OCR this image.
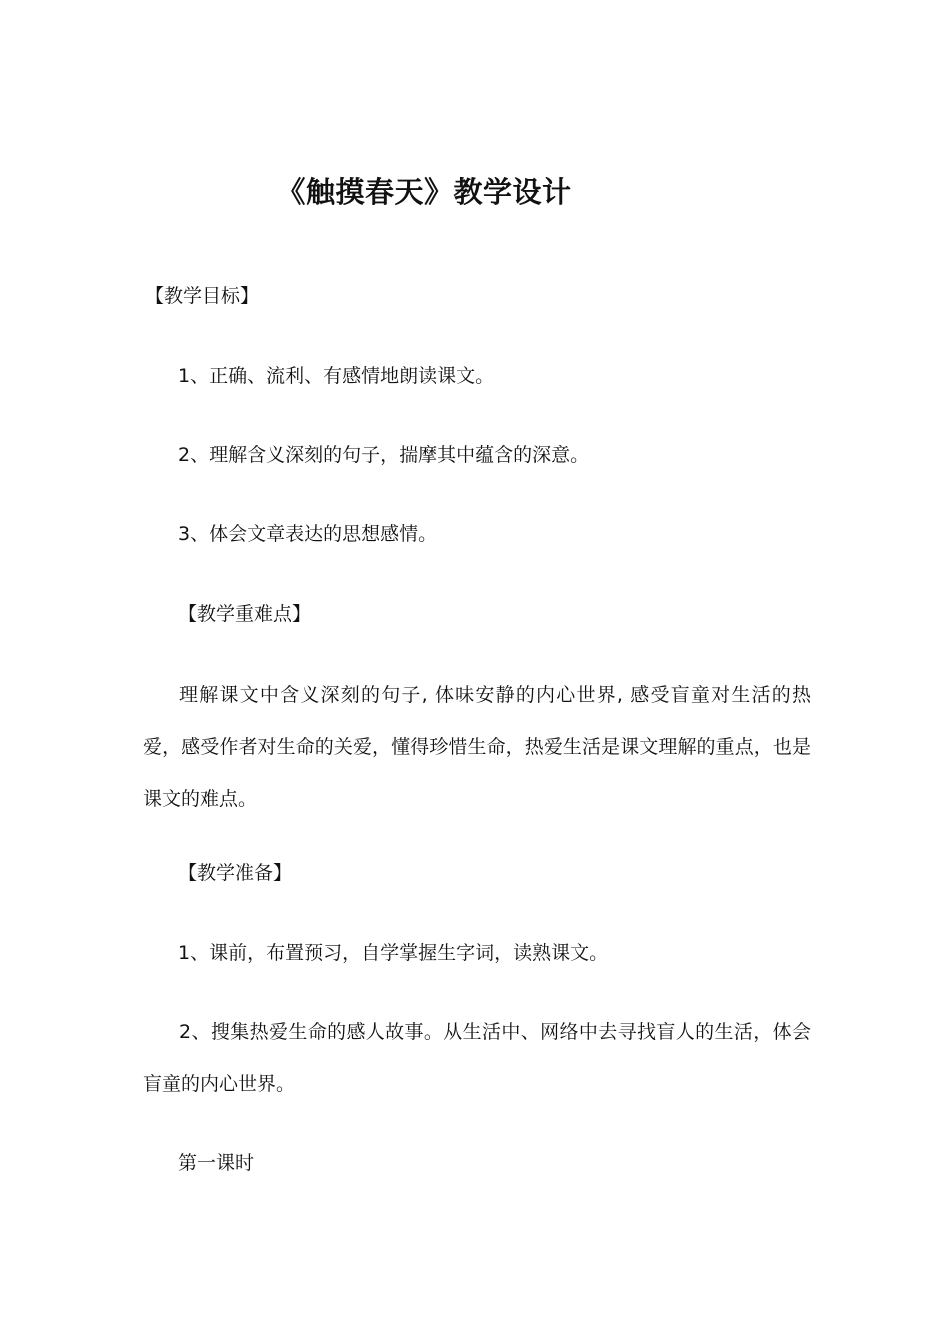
《触摸春天》教学设计

【教学目标】

1、正确、流利、有感情地朗读课文。

2、理解含义深刻的句子，揣摩其中蕴含的深意。

3、体会文章表达的思想感情。

【教学重难点】

理解课文中含义深刻的句子, 体味安静的内心世界, 感受盲童对生活的热爱，感受作者对生命的关爱，懂得珍惜生命，热爱生活是课文理解的重点，也是课文的难点。

【教学准备】

1、课前，布置预习，自学掌握生字词，读熟课文。

2、搜集热爱生命的感人故事。从生活中、网络中去寻找盲人的生活，体会盲童的内心世界。

第一课时
